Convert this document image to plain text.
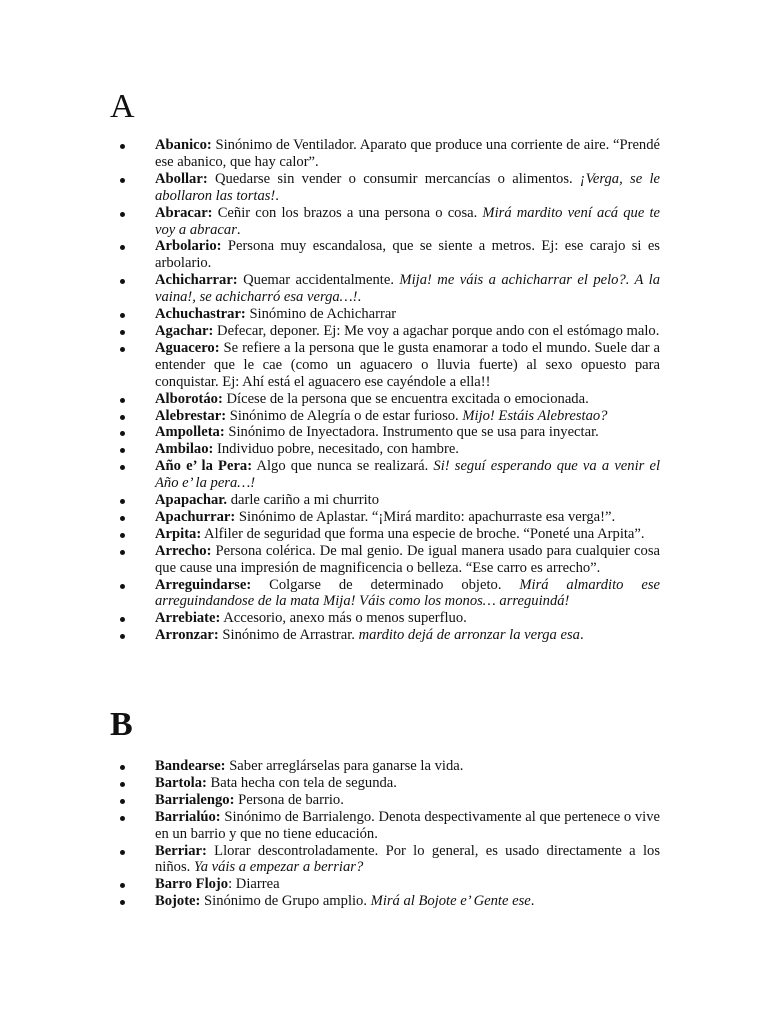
A
Abanico: Sinónimo de Ventilador. Aparato que produce una corriente de aire. “Prendé ese abanico, que hay calor”.
Abollar: Quedarse sin vender o consumir mercancías o alimentos. ¡Verga, se le abollaron las tortas!.
Abracar: Ceñir con los brazos a una persona o cosa. Mirá mardito vení acá que te voy a abracar.
Arbolario: Persona muy escandalosa, que se siente a metros. Ej: ese carajo si es arbolario.
Achicharrar: Quemar accidentalmente. Mija! me váis a achicharrar el pelo?. A la vaina!, se achicharró esa verga…!.
Achuchastrar: Sinómino de Achicharrar
Agachar: Defecar, deponer. Ej: Me voy a agachar porque ando con el estómago malo.
Aguacero: Se refiere a la persona que le gusta enamorar a todo el mundo. Suele dar a entender que le cae (como un aguacero o lluvia fuerte) al sexo opuesto para conquistar. Ej: Ahí está el aguacero ese cayéndole a ella!!
Alborotáo: Dícese de la persona que se encuentra excitada o emocionada.
Alebrestar: Sinónimo de Alegría o de estar furioso. Mijo! Estáis Alebrestao?
Ampolleta: Sinónimo de Inyectadora. Instrumento que se usa para inyectar.
Ambilao: Individuo pobre, necesitado, con hambre.
Año e’ la Pera: Algo que nunca se realizará. Si! seguí esperando que va a venir el Año e’ la pera…!
Apapachar. darle cariño a mi churrito
Apachurrar: Sinónimo de Aplastar. “¡Mirá mardito: apachurraste esa verga!”.
Arpita: Alfiler de seguridad que forma una especie de broche. “Poneté una Arpita”.
Arrecho: Persona colérica. De mal genio. De igual manera usado para cualquier cosa que cause una impresión de magnificencia o belleza. “Ese carro es arrecho”.
Arreguindarse: Colgarse de determinado objeto. Mirá almardito ese arreguindandose de la mata Mija! Váis como los monos… arreguindá!
Arrebiate: Accesorio, anexo más o menos superfluo.
Arronzar: Sinónimo de Arrastrar. mardito dejá de arronzar la verga esa.
B
Bandearse: Saber arreglárselas para ganarse la vida.
Bartola: Bata hecha con tela de segunda.
Barrialengo: Persona de barrio.
Barrialúo: Sinónimo de Barrialengo. Denota despectivamente al que pertenece o vive en un barrio y que no tiene educación.
Berriar: Llorar descontroladamente. Por lo general, es usado directamente a los niños. Ya váis a empezar a berriar?
Barro Flojo: Diarrea
Bojote: Sinónimo de Grupo amplio. Mirá al Bojote e’ Gente ese.
